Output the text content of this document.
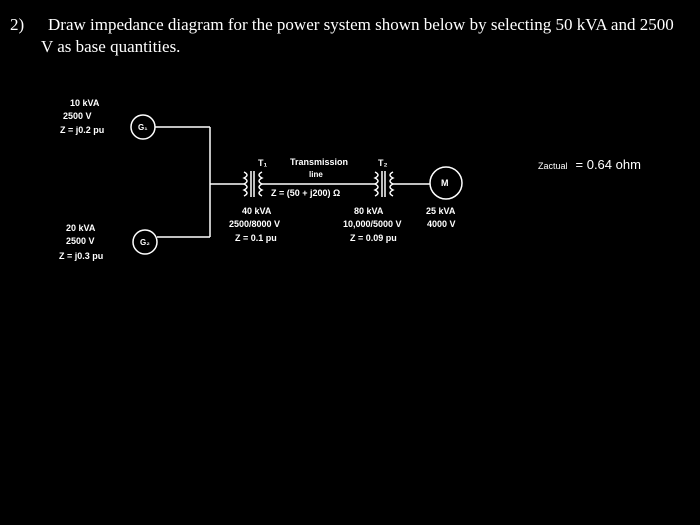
2) Draw impedance diagram for the power system shown below by selecting 50 kVA and 2500
V as base quantities.
10 kVA
2500 V
Z = j0.2 pu	G₁
20 kVA
2500 V
Z = j0.3 pu
G₂
T₁
40 kVA
2500/8000 V
Z = 0.1 pu
Transmission
line
Z = (50 + j200) Ω
T₂
80 kVA
10,000/5000 V
Z = 0.09 pu
M
25 kVA
4000 V
Zactual = 0.64 ohm
